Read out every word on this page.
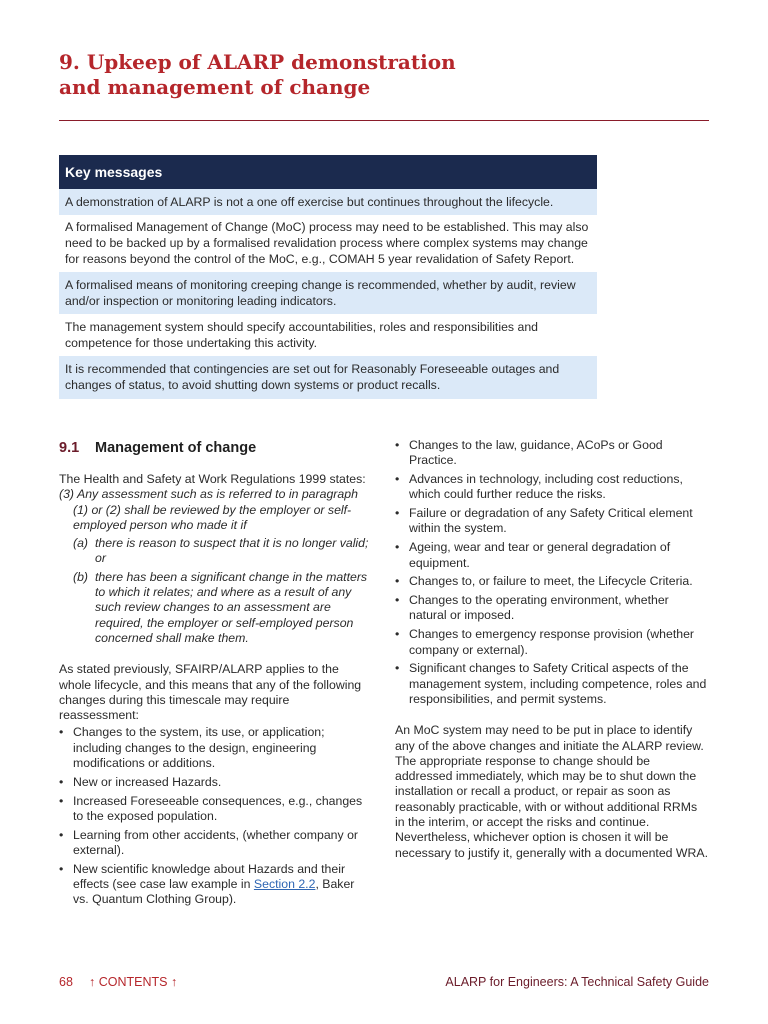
9. Upkeep of ALARP demonstration
and management of change
Key messages
A demonstration of ALARP is not a one off exercise but continues throughout the lifecycle.
A formalised Management of Change (MoC) process may need to be established. This may also need to be backed up by a formalised revalidation process where complex systems may change for reasons beyond the control of the MoC, e.g., COMAH 5 year revalidation of Safety Report.
A formalised means of monitoring creeping change is recommended, whether by audit, review and/or inspection or monitoring leading indicators.
The management system should specify accountabilities, roles and responsibilities and competence for those undertaking this activity.
It is recommended that contingencies are set out for Reasonably Foreseeable outages and changes of status, to avoid shutting down systems or product recalls.
9.1	Management of change

The Health and Safety at Work Regulations 1999 states:

(3) Any assessment such as is referred to in paragraph (1) or (2) shall be reviewed by the employer or self-employed person who made it if

(a) there is reason to suspect that it is no longer valid; or
(b) there has been a significant change in the matters to which it relates; and where as a result of any such review changes to an assessment are required, the employer or self-employed person concerned shall make them.

As stated previously, SFAIRP/ALARP applies to the whole lifecycle, and this means that any of the following changes during this timescale may require reassessment:

• Changes to the system, its use, or application; including changes to the design, engineering modifications or additions.
• New or increased Hazards.
• Increased Foreseeable consequences, e.g., changes to the exposed population.
• Learning from other accidents, (whether company or external).
• New scientific knowledge about Hazards and their effects (see case law example in Section 2.2, Baker vs. Quantum Clothing Group).
• Changes to the law, guidance, ACoPs or Good Practice.
• Advances in technology, including cost reductions, which could further reduce the risks.
• Failure or degradation of any Safety Critical element within the system.
• Ageing, wear and tear or general degradation of equipment.
• Changes to, or failure to meet, the Lifecycle Criteria.
• Changes to the operating environment, whether natural or imposed.
• Changes to emergency response provision (whether company or external).
• Significant changes to Safety Critical aspects of the management system, including competence, roles and responsibilities, and permit systems.

An MoC system may need to be put in place to identify any of the above changes and initiate the ALARP review. The appropriate response to change should be addressed immediately, which may be to shut down the installation or recall a product, or repair as soon as reasonably practicable, with or without additional RRMs in the interim, or accept the risks and continue. Nevertheless, whichever option is chosen it will be necessary to justify it, generally with a documented WRA.

68 ↑ CONTENTS ↑	ALARP for Engineers: A Technical Safety Guide
